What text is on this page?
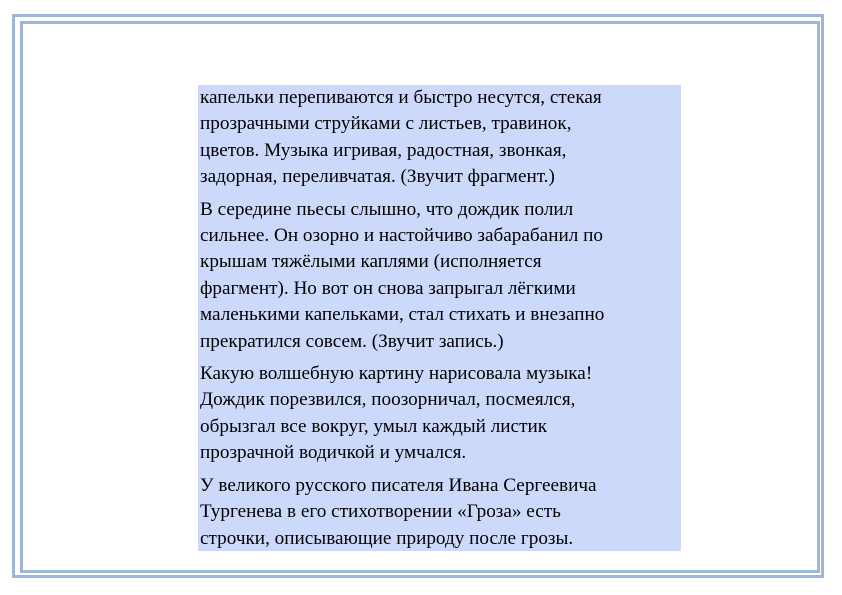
капельки перепиваются и быстро несутся, стекая
прозрачными струйками с листьев, травинок,
цветов. Музыка игривая, радостная, звонкая,
задорная, переливчатая. (Звучит фрагмент.)

В середине пьесы слышно, что дождик полил
сильнее. Он озорно и настойчиво забарабанил по
крышам тяжёлыми каплями (исполняется
фрагмент). Но вот он снова запрыгал лёгкими
маленькими капельками, стал стихать и внезапно
прекратился совсем. (Звучит запись.)

Какую волшебную картину нарисовала музыка!
Дождик порезвился, поозорничал, посмеялся,
обрызгал все вокруг, умыл каждый листик
прозрачной водичкой и умчался.

У великого русского писателя Ивана Сергеевича
Тургенева в его стихотворении «Гроза» есть
строчки, описывающие природу после грозы.
